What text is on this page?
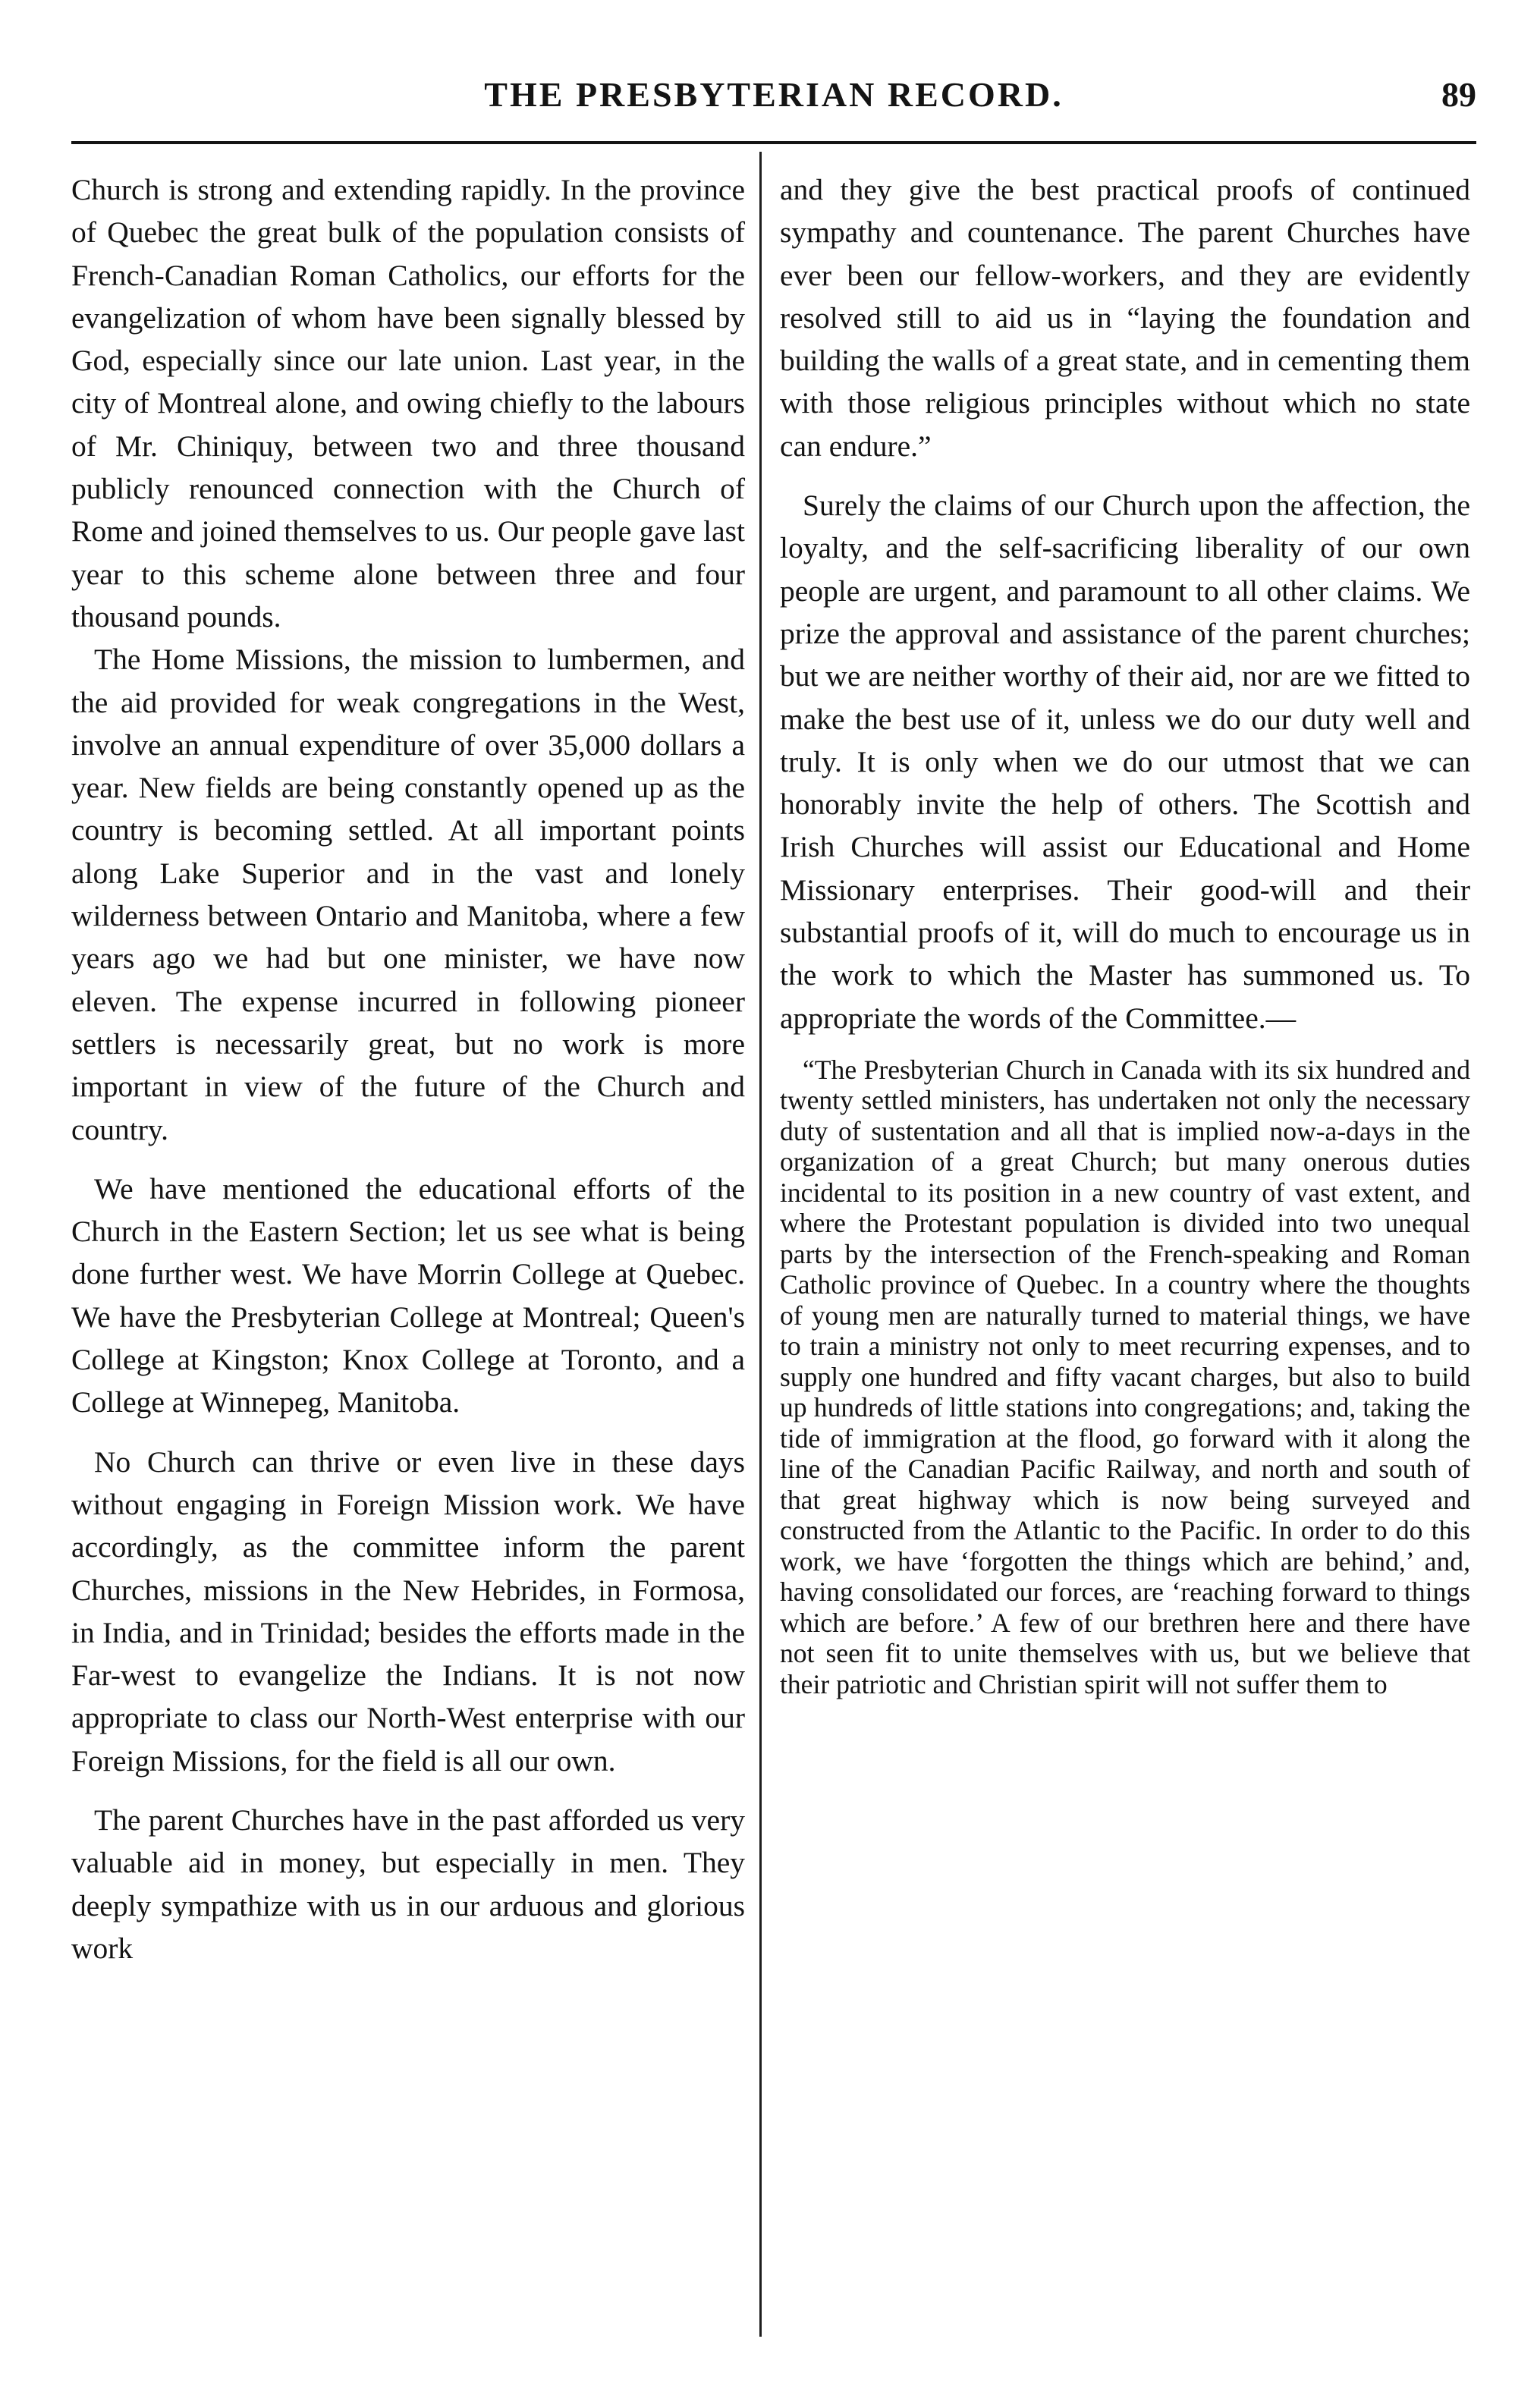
THE PRESBYTERIAN RECORD.	89

Church is strong and extending rapidly. In the province of Quebec the great bulk of the population consists of French-Canadian Roman Catholics, our efforts for the evangelization of whom have been signally blessed by God, especially since our late union. Last year, in the city of Montreal alone, and owing chiefly to the labours of Mr. Chiniquy, between two and three thousand publicly renounced connection with the Church of Rome and joined themselves to us. Our people gave last year to this scheme alone between three and four thousand pounds.

The Home Missions, the mission to lumbermen, and the aid provided for weak congregations in the West, involve an annual expenditure of over 35,000 dollars a year. New fields are being constantly opened up as the country is becoming settled. At all important points along Lake Superior and in the vast and lonely wilderness between Ontario and Manitoba, where a few years ago we had but one minister, we have now eleven. The expense incurred in following pioneer settlers is necessarily great, but no work is more important in view of the future of the Church and country.

We have mentioned the educational efforts of the Church in the Eastern Section; let us see what is being done further west. We have Morrin College at Quebec. We have the Presbyterian College at Montreal; Queen's College at Kingston; Knox College at Toronto, and a College at Winnepeg, Manitoba.

No Church can thrive or even live in these days without engaging in Foreign Mission work. We have accordingly, as the committee inform the parent Churches, missions in the New Hebrides, in Formosa, in India, and in Trinidad; besides the efforts made in the Far-west to evangelize the Indians. It is not now appropriate to class our North-West enterprise with our Foreign Missions, for the field is all our own.

The parent Churches have in the past afforded us very valuable aid in money, but especially in men. They deeply sympathize with us in our arduous and glorious work

and they give the best practical proofs of continued sympathy and countenance. The parent Churches have ever been our fellow-workers, and they are evidently resolved still to aid us in “laying the foundation and building the walls of a great state, and in cementing them with those religious principles without which no state can endure.”

Surely the claims of our Church upon the affection, the loyalty, and the self-sacrificing liberality of our own people are urgent, and paramount to all other claims. We prize the approval and assistance of the parent churches; but we are neither worthy of their aid, nor are we fitted to make the best use of it, unless we do our duty well and truly. It is only when we do our utmost that we can honorably invite the help of others. The Scottish and Irish Churches will assist our Educational and Home Missionary enterprises. Their good-will and their substantial proofs of it, will do much to encourage us in the work to which the Master has summoned us. To appropriate the words of the Committee.—

“The Presbyterian Church in Canada with its six hundred and twenty settled ministers, has undertaken not only the necessary duty of sustentation and all that is implied now-a-days in the organization of a great Church; but many onerous duties incidental to its position in a new country of vast extent, and where the Protestant population is divided into two unequal parts by the intersection of the French-speaking and Roman Catholic province of Quebec. In a country where the thoughts of young men are naturally turned to material things, we have to train a ministry not only to meet recurring expenses, and to supply one hundred and fifty vacant charges, but also to build up hundreds of little stations into congregations; and, taking the tide of immigration at the flood, go forward with it along the line of the Canadian Pacific Railway, and north and south of that great highway which is now being surveyed and constructed from the Atlantic to the Pacific. In order to do this work, we have ‘forgotten the things which are behind,’ and, having consolidated our forces, are ‘reaching forward to things which are before.’ A few of our brethren here and there have not seen fit to unite themselves with us, but we believe that their patriotic and Christian spirit will not suffer them to
